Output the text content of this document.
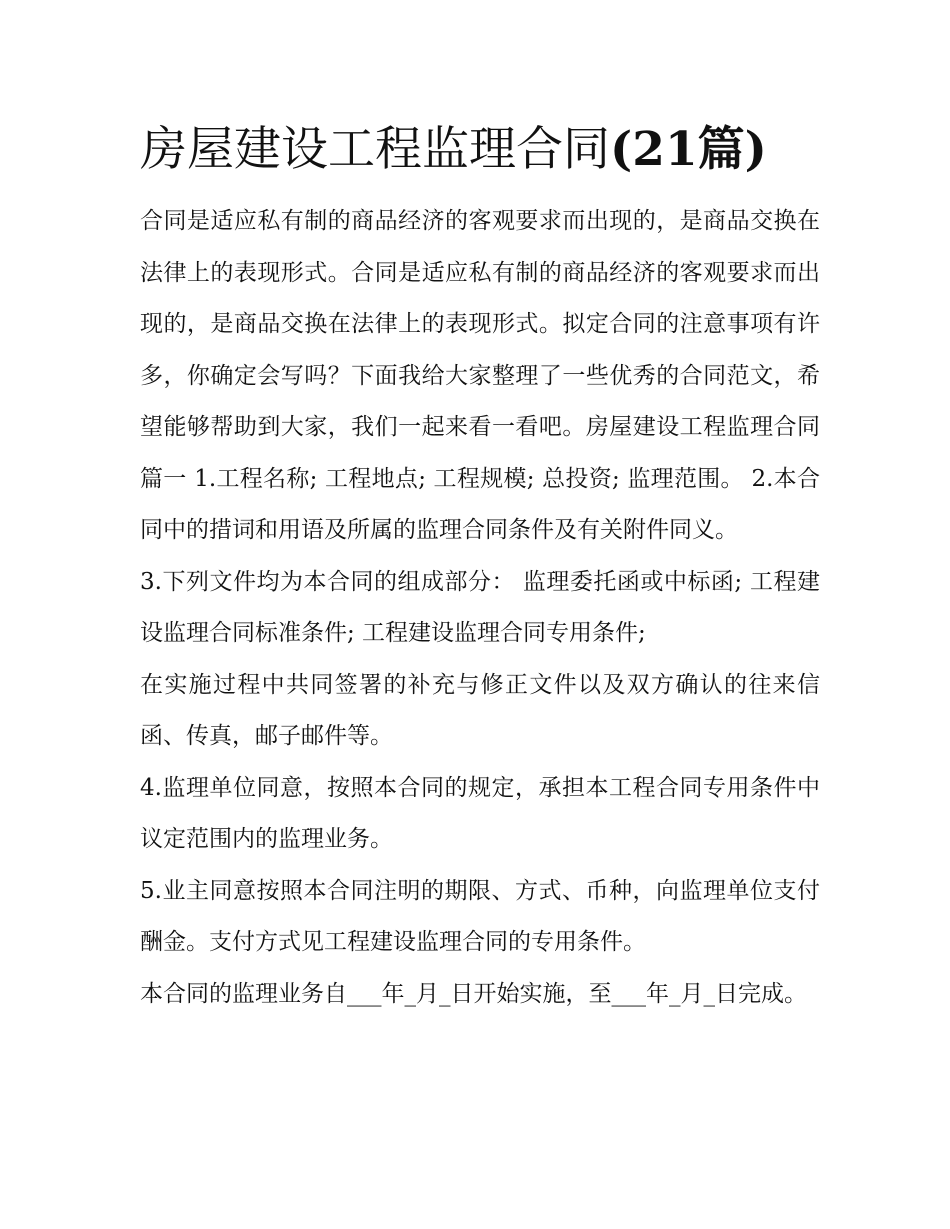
房屋建设工程监理合同(21篇)

合同是适应私有制的商品经济的客观要求而出现的，是商品交换在法律上的表现形式。合同是适应私有制的商品经济的客观要求而出现的，是商品交换在法律上的表现形式。拟定合同的注意事项有许多，你确定会写吗？下面我给大家整理了一些优秀的合同范文，希望能够帮助到大家，我们一起来看一看吧。房屋建设工程监理合同篇一 1.工程名称; 工程地点; 工程规模; 总投资; 监理范围。 2.本合同中的措词和用语及所属的监理合同条件及有关附件同义。

3.下列文件均为本合同的组成部分： 监理委托函或中标函; 工程建设监理合同标准条件; 工程建设监理合同专用条件;

在实施过程中共同签署的补充与修正文件以及双方确认的往来信函、传真，邮子邮件等。

4.监理单位同意，按照本合同的规定，承担本工程合同专用条件中议定范围内的监理业务。

5.业主同意按照本合同注明的期限、方式、币种，向监理单位支付酬金。支付方式见工程建设监理合同的专用条件。

本合同的监理业务自___年_月_日开始实施，至___年_月_日完成。
